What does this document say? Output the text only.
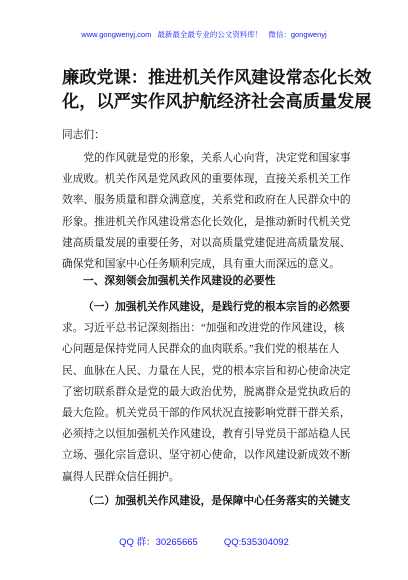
www.gongwenyj.com 最新最全最专业的公文资料库！ 微信：gongwenyj
廉政党课：推进机关作风建设常态化长效
化，以严实作风护航经济社会高质量发展
同志们：
　　党的作风就是党的形象，关系人心向背，决定党和国家事
业成败。机关作风是党风政风的重要体现，直接关系机关工作
效率、服务质量和群众满意度，关系党和政府在人民群众中的
形象。推进机关作风建设常态化长效化，是推动新时代机关党
建高质量发展的重要任务，对以高质量党建促进高质量发展、
确保党和国家中心任务顺利完成，具有重大而深远的意义。
一、深刻领会加强机关作风建设的必要性
（一）加强机关作风建设，是践行党的根本宗旨的必然要
求。习近平总书记深刻指出：“加强和改进党的作风建设，核
心问题是保持党同人民群众的血肉联系。”我们党的根基在人
民、血脉在人民、力量在人民，党的根本宗旨和初心使命决定
了密切联系群众是党的最大政治优势，脱离群众是党执政后的
最大危险。机关党员干部的作风状况直接影响党群干群关系，
必须持之以恒加强机关作风建设，教育引导党员干部站稳人民
立场、强化宗旨意识、坚守初心使命，以作风建设新成效不断
赢得人民群众信任拥护。
（二）加强机关作风建设，是保障中心任务落实的关键支
QQ 群：30265665	QQ:535304092
